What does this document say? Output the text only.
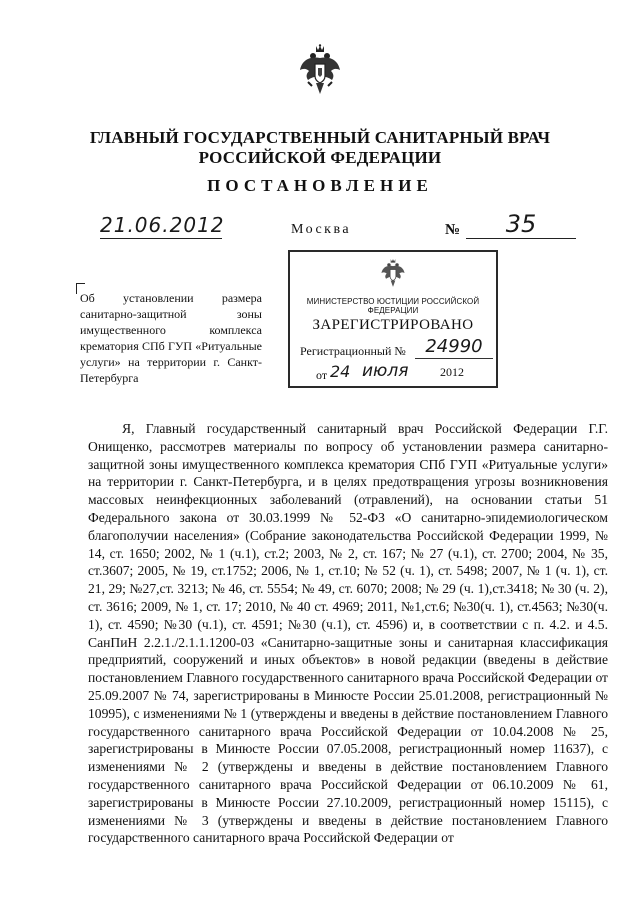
ГЛАВНЫЙ ГОСУДАРСТВЕННЫЙ САНИТАРНЫЙ ВРАЧ
РОССИЙСКОЙ ФЕДЕРАЦИИ
ПОСТАНОВЛЕНИЕ
21.06.2012	Москва	№	35
Об установлении размера санитарно-защитной зоны имущественного комплекса крематория СПб ГУП «Ритуальные услуги» на территории г. Санкт-Петербурга
МИНИСТЕРСТВО ЮСТИЦИИ РОССИЙСКОЙ ФЕДЕРАЦИИ
ЗАРЕГИСТРИРОВАНО
Регистрационный №	24990
от 24 июля	2012

Я, Главный государственный санитарный врач Российской Федерации Г.Г. Онищенко, рассмотрев материалы по вопросу об установлении размера санитарно-защитной зоны имущественного комплекса крематория СПб ГУП «Ритуальные услуги» на территории г. Санкт-Петербурга, и в целях предотвращения угрозы возникновения массовых неинфекционных заболеваний (отравлений), на основании статьи 51 Федерального закона от 30.03.1999 № 52-ФЗ «О санитарно-эпидемиологическом благополучии населения» (Собрание законодательства Российской Федерации 1999, № 14, ст. 1650; 2002, № 1 (ч.1), ст.2; 2003, № 2, ст. 167; № 27 (ч.1), ст. 2700; 2004, № 35, ст.3607; 2005, № 19, ст.1752; 2006, № 1, ст.10; № 52 (ч. 1), ст. 5498; 2007, № 1 (ч. 1), ст. 21, 29; №27,ст. 3213; № 46, ст. 5554; № 49, ст. 6070; 2008; № 29 (ч. 1),ст.3418; № 30 (ч. 2), ст. 3616; 2009, № 1, ст. 17; 2010, № 40 ст. 4969; 2011, №1,ст.6; №30(ч. 1), ст.4563; №30(ч. 1), ст. 4590; №30 (ч.1), ст. 4591; №30 (ч.1), ст. 4596) и, в соответствии с п. 4.2. и 4.5. СанПиН 2.2.1./2.1.1.1200-03 «Санитарно-защитные зоны и санитарная классификация предприятий, сооружений и иных объектов» в новой редакции (введены в действие постановлением Главного государственного санитарного врача Российской Федерации от 25.09.2007 № 74, зарегистрированы в Минюсте России 25.01.2008, регистрационный № 10995), с изменениями № 1 (утверждены и введены в действие постановлением Главного государственного санитарного врача Российской Федерации от 10.04.2008 № 25, зарегистрированы в Минюсте России 07.05.2008, регистрационный номер 11637), с изменениями № 2 (утверждены и введены в действие постановлением Главного государственного санитарного врача Российской Федерации от 06.10.2009 № 61, зарегистрированы в Минюсте России 27.10.2009, регистрационный номер 15115), с изменениями № 3 (утверждены и введены в действие постановлением Главного государственного санитарного врача Российской Федерации от
